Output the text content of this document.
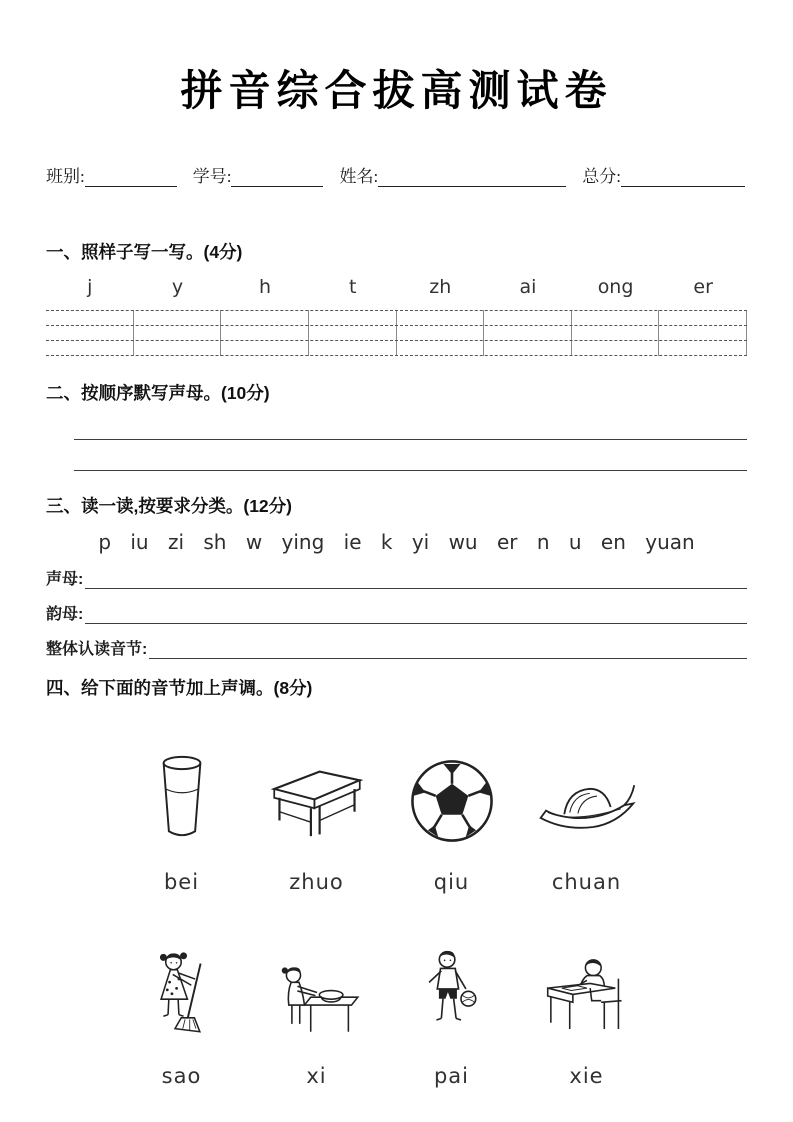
拼音综合拔高测试卷
班别:	学号:	姓名:	总分:
一、照样子写一写。(4分)
j	y	h	t	zh	ai	ong	er
二、按顺序默写声母。(10分)
三、读一读,按要求分类。(12分)
p iu zi sh w ying ie k yi wu er n u en yuan
声母:
韵母:
整体认读音节:
四、给下面的音节加上声调。(8分)
bei	zhuo	qiu	chuan
sao	xi	pai	xie
